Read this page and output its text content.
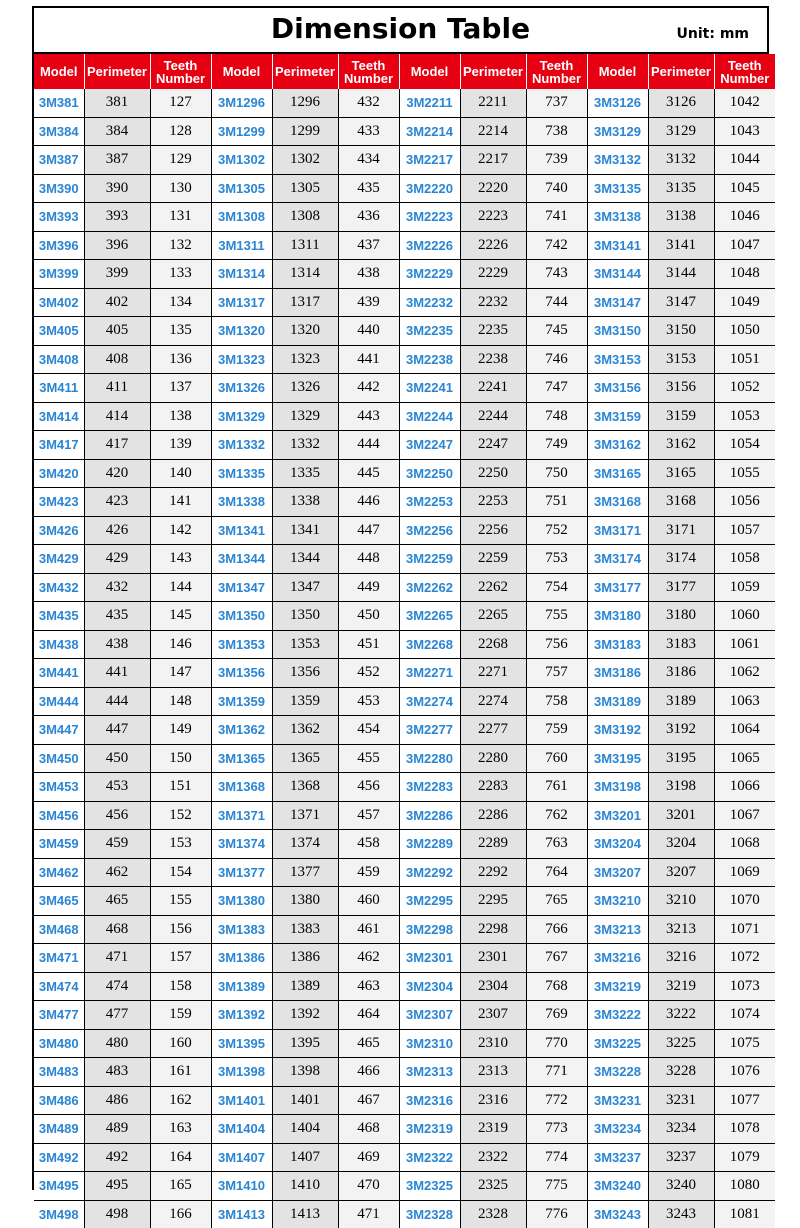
Dimension Table	Unit: mm
Model	Perimeter	Teeth Number	Model	Perimeter	Teeth Number	Model	Perimeter	Teeth Number	Model	Perimeter	Teeth Number
3M381	381	127	3M1296	1296	432	3M2211	2211	737	3M3126	3126	1042
3M384	384	128	3M1299	1299	433	3M2214	2214	738	3M3129	3129	1043
3M387	387	129	3M1302	1302	434	3M2217	2217	739	3M3132	3132	1044
3M390	390	130	3M1305	1305	435	3M2220	2220	740	3M3135	3135	1045
3M393	393	131	3M1308	1308	436	3M2223	2223	741	3M3138	3138	1046
3M396	396	132	3M1311	1311	437	3M2226	2226	742	3M3141	3141	1047
3M399	399	133	3M1314	1314	438	3M2229	2229	743	3M3144	3144	1048
3M402	402	134	3M1317	1317	439	3M2232	2232	744	3M3147	3147	1049
3M405	405	135	3M1320	1320	440	3M2235	2235	745	3M3150	3150	1050
3M408	408	136	3M1323	1323	441	3M2238	2238	746	3M3153	3153	1051
3M411	411	137	3M1326	1326	442	3M2241	2241	747	3M3156	3156	1052
3M414	414	138	3M1329	1329	443	3M2244	2244	748	3M3159	3159	1053
3M417	417	139	3M1332	1332	444	3M2247	2247	749	3M3162	3162	1054
3M420	420	140	3M1335	1335	445	3M2250	2250	750	3M3165	3165	1055
3M423	423	141	3M1338	1338	446	3M2253	2253	751	3M3168	3168	1056
3M426	426	142	3M1341	1341	447	3M2256	2256	752	3M3171	3171	1057
3M429	429	143	3M1344	1344	448	3M2259	2259	753	3M3174	3174	1058
3M432	432	144	3M1347	1347	449	3M2262	2262	754	3M3177	3177	1059
3M435	435	145	3M1350	1350	450	3M2265	2265	755	3M3180	3180	1060
3M438	438	146	3M1353	1353	451	3M2268	2268	756	3M3183	3183	1061
3M441	441	147	3M1356	1356	452	3M2271	2271	757	3M3186	3186	1062
3M444	444	148	3M1359	1359	453	3M2274	2274	758	3M3189	3189	1063
3M447	447	149	3M1362	1362	454	3M2277	2277	759	3M3192	3192	1064
3M450	450	150	3M1365	1365	455	3M2280	2280	760	3M3195	3195	1065
3M453	453	151	3M1368	1368	456	3M2283	2283	761	3M3198	3198	1066
3M456	456	152	3M1371	1371	457	3M2286	2286	762	3M3201	3201	1067
3M459	459	153	3M1374	1374	458	3M2289	2289	763	3M3204	3204	1068
3M462	462	154	3M1377	1377	459	3M2292	2292	764	3M3207	3207	1069
3M465	465	155	3M1380	1380	460	3M2295	2295	765	3M3210	3210	1070
3M468	468	156	3M1383	1383	461	3M2298	2298	766	3M3213	3213	1071
3M471	471	157	3M1386	1386	462	3M2301	2301	767	3M3216	3216	1072
3M474	474	158	3M1389	1389	463	3M2304	2304	768	3M3219	3219	1073
3M477	477	159	3M1392	1392	464	3M2307	2307	769	3M3222	3222	1074
3M480	480	160	3M1395	1395	465	3M2310	2310	770	3M3225	3225	1075
3M483	483	161	3M1398	1398	466	3M2313	2313	771	3M3228	3228	1076
3M486	486	162	3M1401	1401	467	3M2316	2316	772	3M3231	3231	1077
3M489	489	163	3M1404	1404	468	3M2319	2319	773	3M3234	3234	1078
3M492	492	164	3M1407	1407	469	3M2322	2322	774	3M3237	3237	1079
3M495	495	165	3M1410	1410	470	3M2325	2325	775	3M3240	3240	1080
3M498	498	166	3M1413	1413	471	3M2328	2328	776	3M3243	3243	1081
